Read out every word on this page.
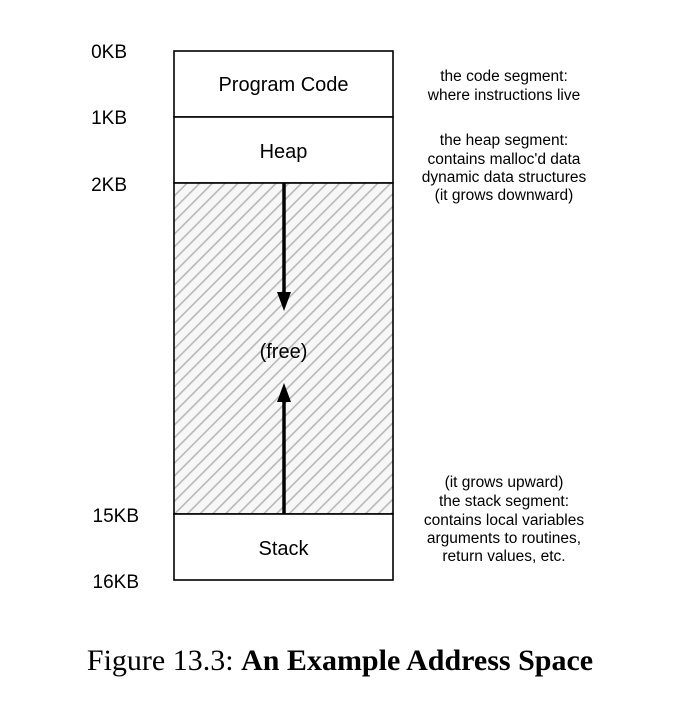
0KB
1KB
2KB
15KB
16KB
Program Code
Heap
(free)
Stack
the code segment:
where instructions live
the heap segment:
contains malloc'd data
dynamic data structures
(it grows downward)
(it grows upward)
the stack segment:
contains local variables
arguments to routines,
return values, etc.
Figure 13.3: An Example Address Space
